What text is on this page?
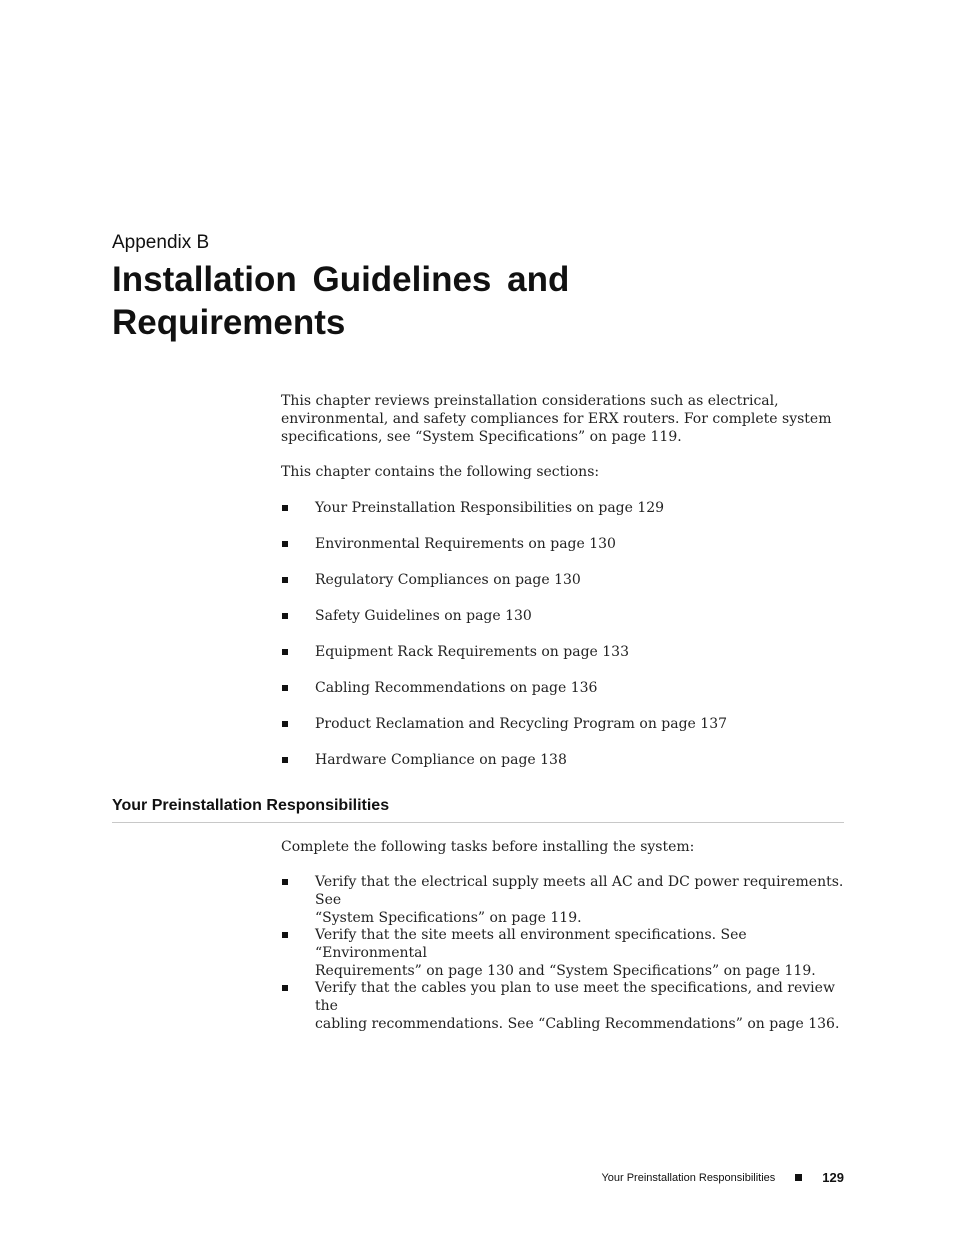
Appendix B
Installation Guidelines and
Requirements
This chapter reviews preinstallation considerations such as electrical,
environmental, and safety compliances for ERX routers. For complete system
specifications, see “System Specifications” on page 119.

This chapter contains the following sections:

Your Preinstallation Responsibilities on page 129
Environmental Requirements on page 130
Regulatory Compliances on page 130
Safety Guidelines on page 130
Equipment Rack Requirements on page 133
Cabling Recommendations on page 136
Product Reclamation and Recycling Program on page 137
Hardware Compliance on page 138
Your Preinstallation Responsibilities

Complete the following tasks before installing the system:

Verify that the electrical supply meets all AC and DC power requirements. See
“System Specifications” on page 119.
Verify that the site meets all environment specifications. See “Environmental
Requirements” on page 130 and “System Specifications” on page 119.
Verify that the cables you plan to use meet the specifications, and review the
cabling recommendations. See “Cabling Recommendations” on page 136.
Your Preinstallation Responsibilities	129
